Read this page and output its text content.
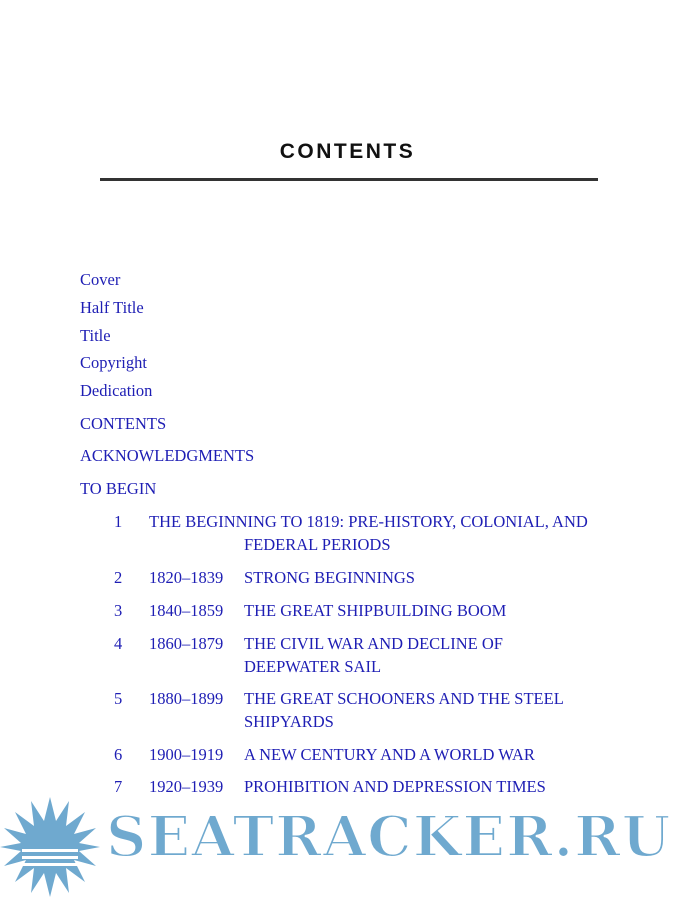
CONTENTS
Cover
Half Title
Title
Copyright
Dedication
CONTENTS
ACKNOWLEDGMENTS
TO BEGIN
1 THE BEGINNING TO 1819: PRE-HISTORY, COLONIAL, AND
FEDERAL PERIODS
2 1820–1839 STRONG BEGINNINGS
3 1840–1859 THE GREAT SHIPBUILDING BOOM
4 1860–1879 THE CIVIL WAR AND DECLINE OF
DEEPWATER SAIL
5 1880–1899 THE GREAT SCHOONERS AND THE STEEL
SHIPYARDS
6 1900–1919 A NEW CENTURY AND A WORLD WAR
7 1920–1939 PROHIBITION AND DEPRESSION TIMES
SEATRACKER.RU
